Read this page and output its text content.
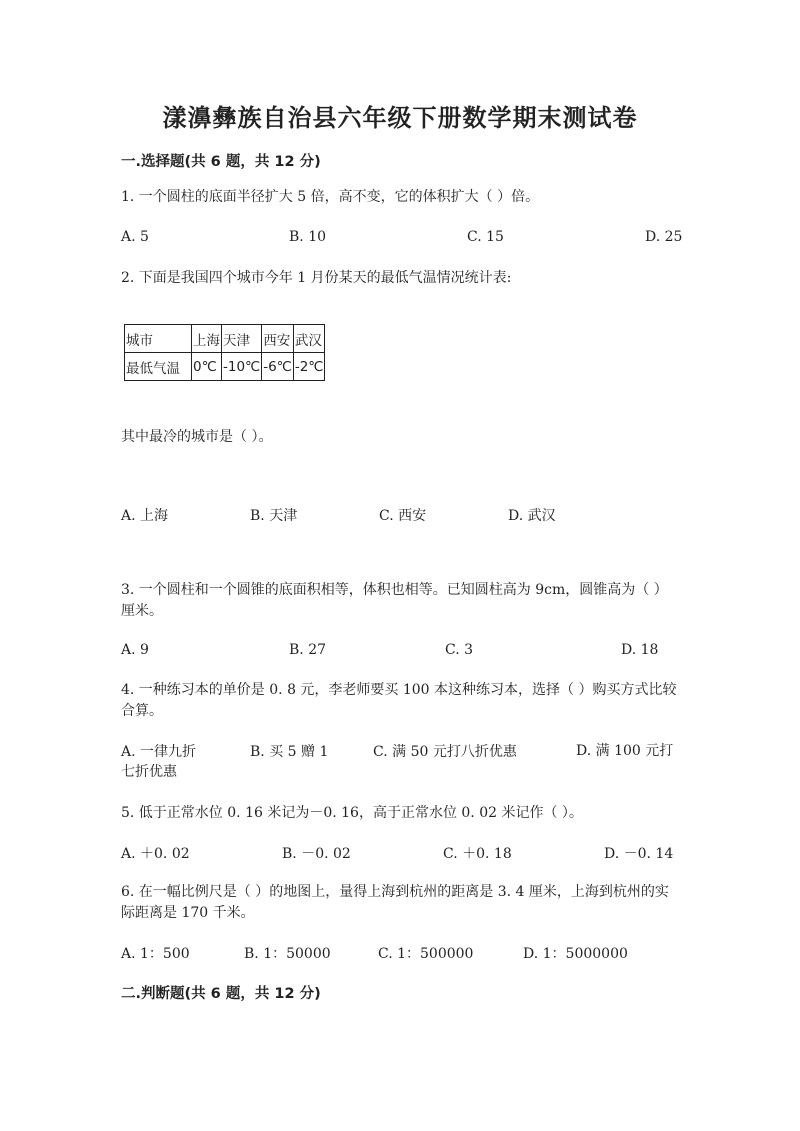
漾濞彝族自治县六年级下册数学期末测试卷
一.选择题(共 6 题，共 12 分)
1. 一个圆柱的底面半径扩大 5 倍，高不变，它的体积扩大（ ）倍。
A. 5	B. 10	C. 15	D. 25
2. 下面是我国四个城市今年 1 月份某天的最低气温情况统计表:
城市	上海	天津	西安	武汉
最低气温	0℃	-10℃	-6℃	-2℃
其中最冷的城市是（ ）。
A. 上海	B. 天津	C. 西安	D. 武汉
3. 一个圆柱和一个圆锥的底面积相等，体积也相等。已知圆柱高为 9cm，圆锥高为（ ）厘米。
A. 9	B. 27	C. 3	D. 18
4. 一种练习本的单价是 0. 8 元，李老师要买 100 本这种练习本，选择（ ）购买方式比较合算。
A. 一律九折	B. 买 5 赠 1	C. 满 50 元打八折优惠	D. 满 100 元打七折优惠
5. 低于正常水位 0. 16 米记为－0. 16，高于正常水位 0. 02 米记作（ ）。
A. ＋0. 02	B. －0. 02	C. ＋0. 18	D. －0. 14
6. 在一幅比例尺是（ ）的地图上，量得上海到杭州的距离是 3. 4 厘米，上海到杭州的实际距离是 170 千米。
A. 1：500	B. 1：50000	C. 1：500000	D. 1：5000000
二.判断题(共 6 题，共 12 分)
